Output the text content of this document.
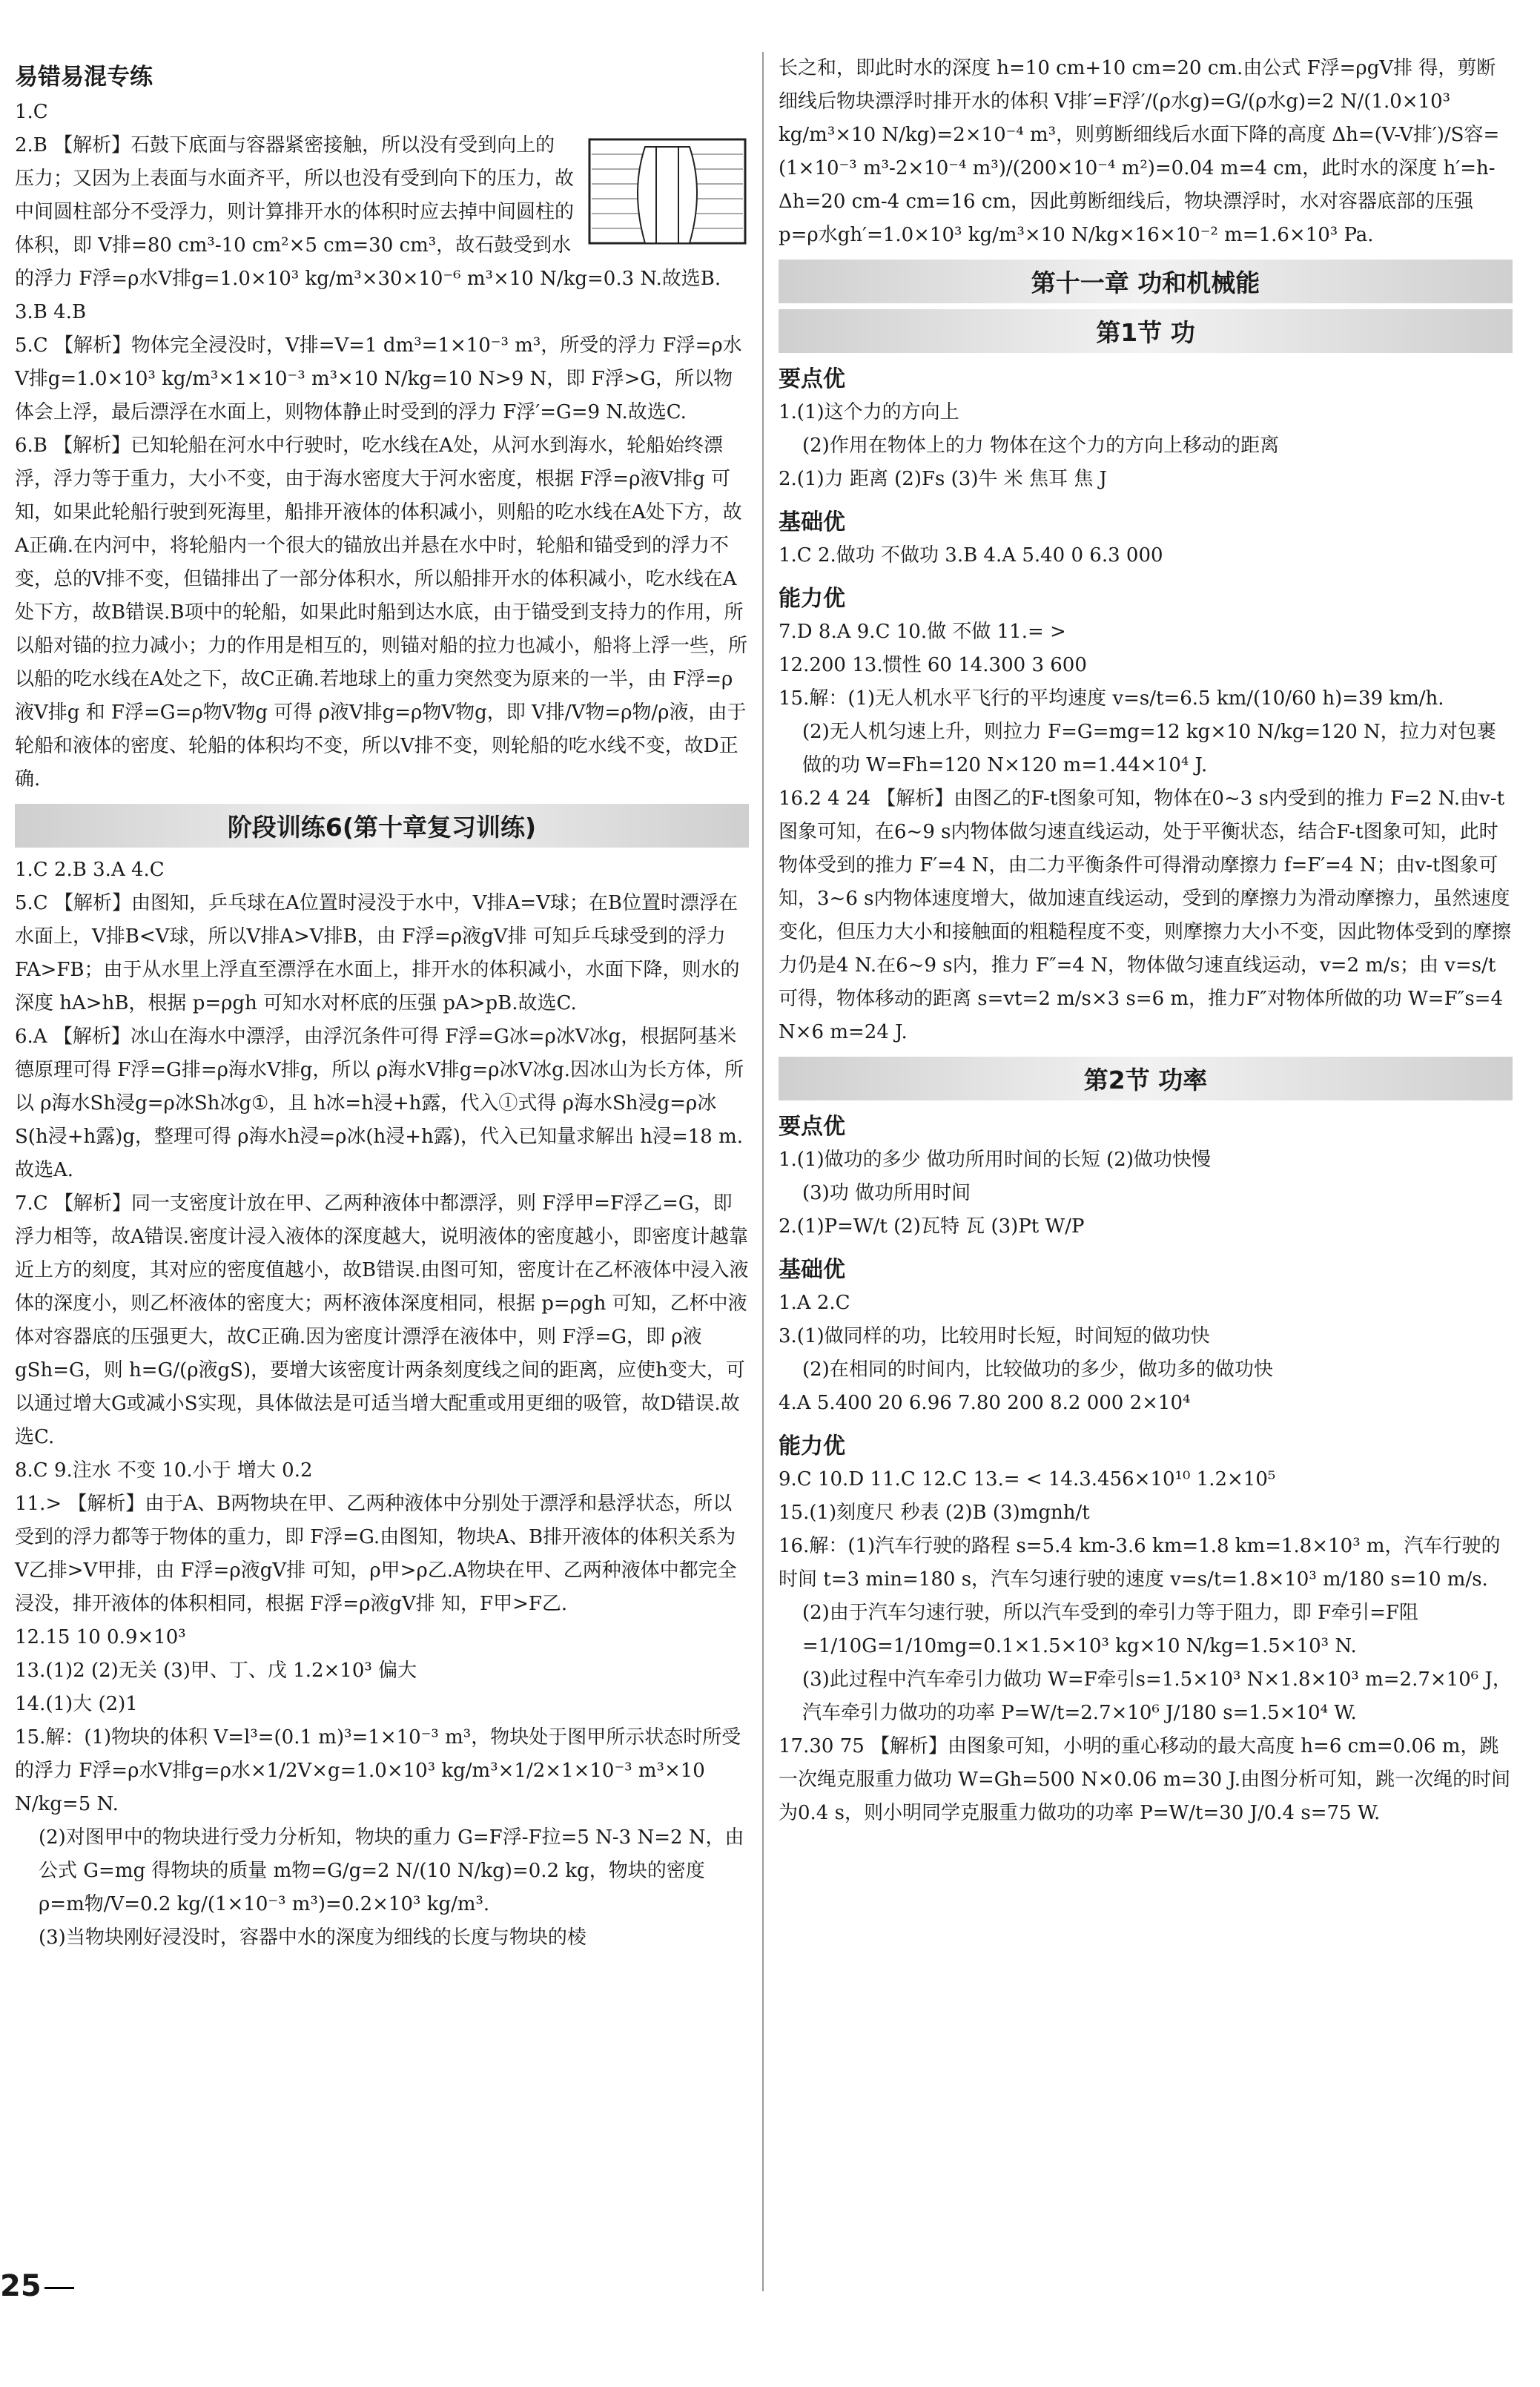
易错易混专练

1.C

2.B 【解析】石鼓下底面与容器紧密接触，所以没有受到向上的压力；又因为上表面与水面齐平，所以也没有受到向下的压力，故中间圆柱部分不受浮力，则计算排开水的体积时应去掉中间圆柱的体积，即 V排=80 cm³-10 cm²×5 cm=30 cm³，故石鼓受到水的浮力 F浮=ρ水V排g=1.0×10³ kg/m³×30×10⁻⁶ m³×10 N/kg=0.3 N.故选B.

3.B 4.B

5.C 【解析】物体完全浸没时，V排=V=1 dm³=1×10⁻³ m³，所受的浮力 F浮=ρ水V排g=1.0×10³ kg/m³×1×10⁻³ m³×10 N/kg=10 N>9 N，即 F浮>G，所以物体会上浮，最后漂浮在水面上，则物体静止时受到的浮力 F浮′=G=9 N.故选C.

6.B 【解析】已知轮船在河水中行驶时，吃水线在A处，从河水到海水，轮船始终漂浮，浮力等于重力，大小不变，由于海水密度大于河水密度，根据 F浮=ρ液V排g 可知，如果此轮船行驶到死海里，船排开液体的体积减小，则船的吃水线在A处下方，故A正确.在内河中，将轮船内一个很大的锚放出并悬在水中时，轮船和锚受到的浮力不变，总的V排不变，但锚排出了一部分体积水，所以船排开水的体积减小，吃水线在A处下方，故B错误.B项中的轮船，如果此时船到达水底，由于锚受到支持力的作用，所以船对锚的拉力减小；力的作用是相互的，则锚对船的拉力也减小，船将上浮一些，所以船的吃水线在A处之下，故C正确.若地球上的重力突然变为原来的一半，由 F浮=ρ液V排g 和 F浮=G=ρ物V物g 可得 ρ液V排g=ρ物V物g，即 V排/V物=ρ物/ρ液，由于轮船和液体的密度、轮船的体积均不变，所以V排不变，则轮船的吃水线不变，故D正确.

阶段训练6(第十章复习训练)

1.C 2.B 3.A 4.C

5.C 【解析】由图知，乒乓球在A位置时浸没于水中，V排A=V球；在B位置时漂浮在水面上，V排B<V球，所以V排A>V排B，由 F浮=ρ液gV排 可知乒乓球受到的浮力 FA>FB；由于从水里上浮直至漂浮在水面上，排开水的体积减小，水面下降，则水的深度 hA>hB，根据 p=ρgh 可知水对杯底的压强 pA>pB.故选C.

6.A 【解析】冰山在海水中漂浮，由浮沉条件可得 F浮=G冰=ρ冰V冰g，根据阿基米德原理可得 F浮=G排=ρ海水V排g，所以 ρ海水V排g=ρ冰V冰g.因冰山为长方体，所以 ρ海水Sh浸g=ρ冰Sh冰g①，且 h冰=h浸+h露，代入①式得 ρ海水Sh浸g=ρ冰S(h浸+h露)g，整理可得 ρ海水h浸=ρ冰(h浸+h露)，代入已知量求解出 h浸=18 m.故选A.

7.C 【解析】同一支密度计放在甲、乙两种液体中都漂浮，则 F浮甲=F浮乙=G，即浮力相等，故A错误.密度计浸入液体的深度越大，说明液体的密度越小，即密度计越靠近上方的刻度，其对应的密度值越小，故B错误.由图可知，密度计在乙杯液体中浸入液体的深度小，则乙杯液体的密度大；两杯液体深度相同，根据 p=ρgh 可知，乙杯中液体对容器底的压强更大，故C正确.因为密度计漂浮在液体中，则 F浮=G，即 ρ液gSh=G，则 h=G/(ρ液gS)，要增大该密度计两条刻度线之间的距离，应使h变大，可以通过增大G或减小S实现，具体做法是可适当增大配重或用更细的吸管，故D错误.故选C.

8.C 9.注水 不变 10.小于 增大 0.2

11.> 【解析】由于A、B两物块在甲、乙两种液体中分别处于漂浮和悬浮状态，所以受到的浮力都等于物体的重力，即 F浮=G.由图知，物块A、B排开液体的体积关系为 V乙排>V甲排，由 F浮=ρ液gV排 可知，ρ甲>ρ乙.A物块在甲、乙两种液体中都完全浸没，排开液体的体积相同，根据 F浮=ρ液gV排 知，F甲>F乙.

12.15 10 0.9×10³

13.(1)2 (2)无关 (3)甲、丁、戊 1.2×10³ 偏大

14.(1)大 (2)1

15.解：(1)物块的体积 V=l³=(0.1 m)³=1×10⁻³ m³，物块处于图甲所示状态时所受的浮力 F浮=ρ水V排g=ρ水×1/2V×g=1.0×10³ kg/m³×1/2×1×10⁻³ m³×10 N/kg=5 N.

(2)对图甲中的物块进行受力分析知，物块的重力 G=F浮-F拉=5 N-3 N=2 N，由公式 G=mg 得物块的质量 m物=G/g=2 N/(10 N/kg)=0.2 kg，物块的密度 ρ=m物/V=0.2 kg/(1×10⁻³ m³)=0.2×10³ kg/m³.

(3)当物块刚好浸没时，容器中水的深度为细线的长度与物块的棱

长之和，即此时水的深度 h=10 cm+10 cm=20 cm.由公式 F浮=ρgV排 得，剪断细线后物块漂浮时排开水的体积 V排′=F浮′/(ρ水g)=G/(ρ水g)=2 N/(1.0×10³ kg/m³×10 N/kg)=2×10⁻⁴ m³，则剪断细线后水面下降的高度 Δh=(V-V排′)/S容=(1×10⁻³ m³-2×10⁻⁴ m³)/(200×10⁻⁴ m²)=0.04 m=4 cm，此时水的深度 h′=h-Δh=20 cm-4 cm=16 cm，因此剪断细线后，物块漂浮时，水对容器底部的压强 p=ρ水gh′=1.0×10³ kg/m³×10 N/kg×16×10⁻² m=1.6×10³ Pa.

第十一章 功和机械能
第1节 功
要点优

1.(1)这个力的方向上

(2)作用在物体上的力 物体在这个力的方向上移动的距离

2.(1)力 距离 (2)Fs (3)牛 米 焦耳 焦 J

基础优

1.C 2.做功 不做功 3.B 4.A 5.40 0 6.3 000

能力优

7.D 8.A 9.C 10.做 不做 11.= >

12.200 13.惯性 60 14.300 3 600

15.解：(1)无人机水平飞行的平均速度 v=s/t=6.5 km/(10/60 h)=39 km/h.

(2)无人机匀速上升，则拉力 F=G=mg=12 kg×10 N/kg=120 N，拉力对包裹做的功 W=Fh=120 N×120 m=1.44×10⁴ J.

16.2 4 24 【解析】由图乙的F-t图象可知，物体在0~3 s内受到的推力 F=2 N.由v-t图象可知，在6~9 s内物体做匀速直线运动，处于平衡状态，结合F-t图象可知，此时物体受到的推力 F′=4 N，由二力平衡条件可得滑动摩擦力 f=F′=4 N；由v-t图象可知，3~6 s内物体速度增大，做加速直线运动，受到的摩擦力为滑动摩擦力，虽然速度变化，但压力大小和接触面的粗糙程度不变，则摩擦力大小不变，因此物体受到的摩擦力仍是4 N.在6~9 s内，推力 F″=4 N，物体做匀速直线运动，v=2 m/s；由 v=s/t 可得，物体移动的距离 s=vt=2 m/s×3 s=6 m，推力F″对物体所做的功 W=F″s=4 N×6 m=24 J.

第2节 功率
要点优

1.(1)做功的多少 做功所用时间的长短 (2)做功快慢

(3)功 做功所用时间

2.(1)P=W/t (2)瓦特 瓦 (3)Pt W/P

基础优

1.A 2.C

3.(1)做同样的功，比较用时长短，时间短的做功快

(2)在相同的时间内，比较做功的多少，做功多的做功快

4.A 5.400 20 6.96 7.80 200 8.2 000 2×10⁴

能力优

9.C 10.D 11.C 12.C 13.= < 14.3.456×10¹⁰ 1.2×10⁵

15.(1)刻度尺 秒表 (2)B (3)mgnh/t

16.解：(1)汽车行驶的路程 s=5.4 km-3.6 km=1.8 km=1.8×10³ m，汽车行驶的时间 t=3 min=180 s，汽车匀速行驶的速度 v=s/t=1.8×10³ m/180 s=10 m/s.

(2)由于汽车匀速行驶，所以汽车受到的牵引力等于阻力，即 F牵引=F阻=1/10G=1/10mg=0.1×1.5×10³ kg×10 N/kg=1.5×10³ N.

(3)此过程中汽车牵引力做功 W=F牵引s=1.5×10³ N×1.8×10³ m=2.7×10⁶ J，汽车牵引力做功的功率 P=W/t=2.7×10⁶ J/180 s=1.5×10⁴ W.

17.30 75 【解析】由图象可知，小明的重心移动的最大高度 h=6 cm=0.06 m，跳一次绳克服重力做功 W=Gh=500 N×0.06 m=30 J.由图分析可知，跳一次绳的时间为0.4 s，则小明同学克服重力做功的功率 P=W/t=30 J/0.4 s=75 W.

25
